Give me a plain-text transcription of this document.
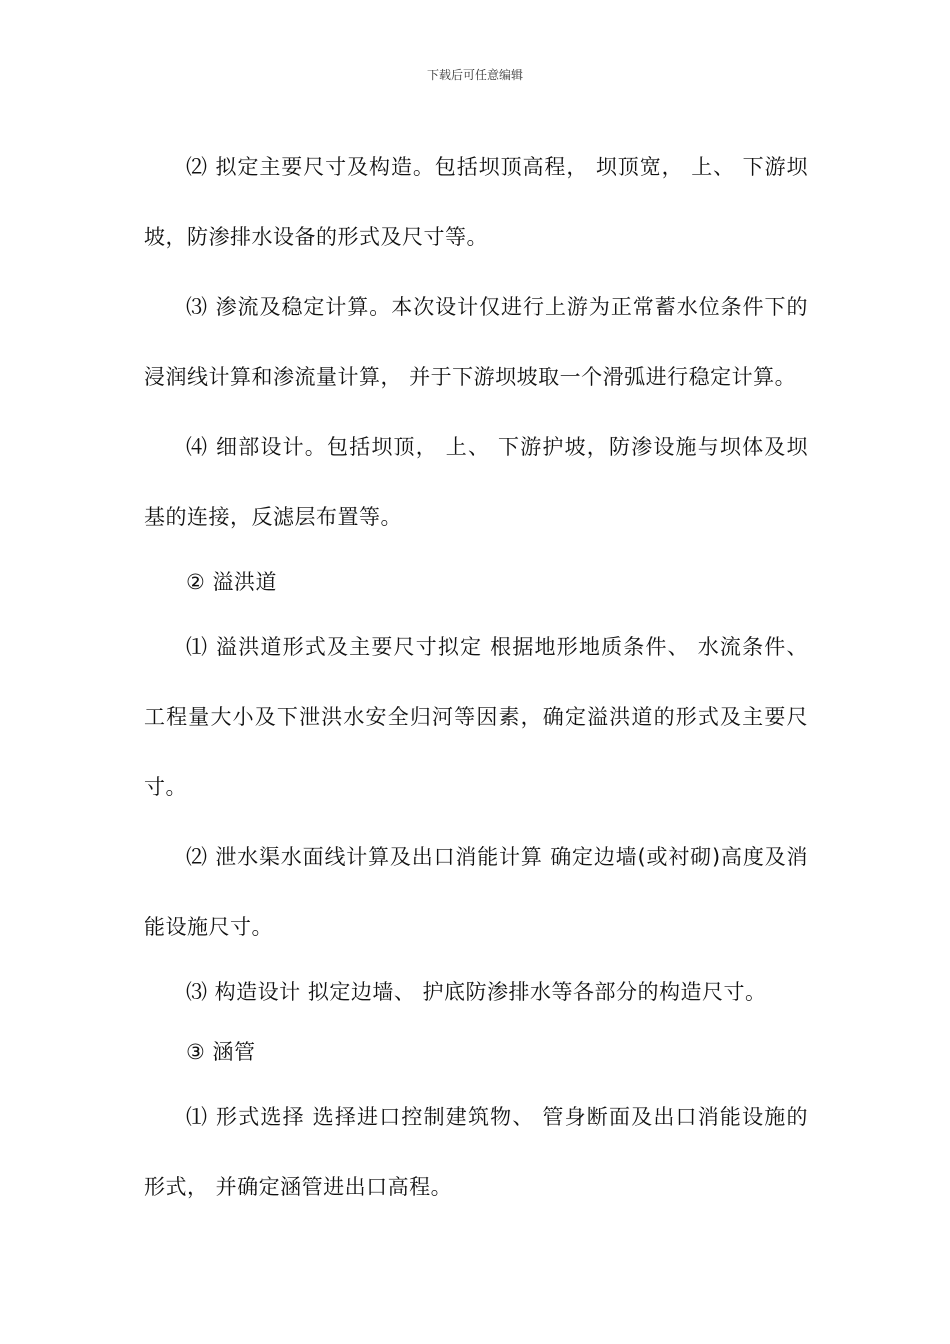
下载后可任意编辑

⑵ 拟定主要尺寸及构造。包括坝顶高程， 坝顶宽， 上、 下游坝坡，防渗排水设备的形式及尺寸等。

⑶ 渗流及稳定计算。本次设计仅进行上游为正常蓄水位条件下的浸润线计算和渗流量计算， 并于下游坝坡取一个滑弧进行稳定计算。

⑷ 细部设计。包括坝顶， 上、 下游护坡，防渗设施与坝体及坝基的连接，反滤层布置等。

② 溢洪道

⑴ 溢洪道形式及主要尺寸拟定 根据地形地质条件、 水流条件、 工程量大小及下泄洪水安全归河等因素，确定溢洪道的形式及主要尺寸。

⑵ 泄水渠水面线计算及出口消能计算 确定边墙(或衬砌)高度及消能设施尺寸。

⑶ 构造设计 拟定边墙、 护底防渗排水等各部分的构造尺寸。

③ 涵管

⑴ 形式选择 选择进口控制建筑物、 管身断面及出口消能设施的形式， 并确定涵管进出口高程。
